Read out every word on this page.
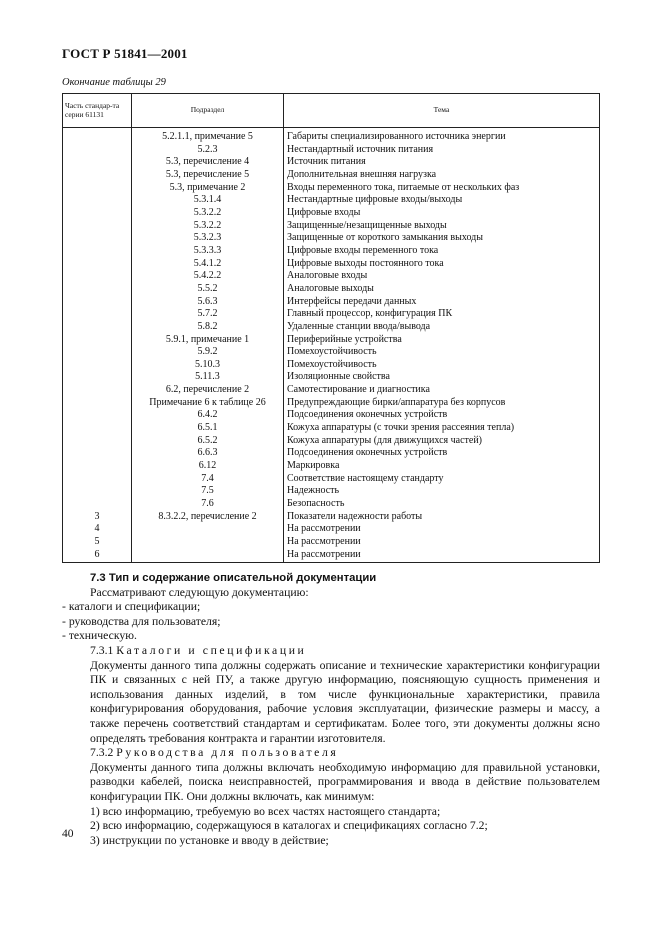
ГОСТ Р 51841—2001
Окончание таблицы 29
Часть стандар-та серии 61131	Подраздел	Тема
	5.2.1.1, примечание 5	Габариты специализированного источника энергии
	5.2.3	Нестандартный источник питания
	5.3, перечисление 4	Источник питания
	5.3, перечисление 5	Дополнительная внешняя нагрузка
	5.3, примечание 2	Входы переменного тока, питаемые от нескольких фаз
	5.3.1.4	Нестандартные цифровые входы/выходы
	5.3.2.2	Цифровые входы
	5.3.2.2	Защищенные/незащищенные выходы
	5.3.2.3	Защищенные от короткого замыкания выходы
	5.3.3.3	Цифровые входы переменного тока
	5.4.1.2	Цифровые выходы постоянного тока
	5.4.2.2	Аналоговые входы
	5.5.2	Аналоговые выходы
	5.6.3	Интерфейсы передачи данных
	5.7.2	Главный процессор, конфигурация ПК
	5.8.2	Удаленные станции ввода/вывода
	5.9.1, примечание 1	Периферийные устройства
	5.9.2	Помехоустойчивость
	5.10.3	Помехоустойчивость
	5.11.3	Изоляционные свойства
	6.2, перечисление 2	Самотестирование и диагностика
	Примечание 6 к таблице 26	Предупреждающие бирки/аппаратура без корпусов
	6.4.2	Подсоединения оконечных устройств
	6.5.1	Кожуха аппаратуры (с точки зрения рассеяния тепла)
	6.5.2	Кожуха аппаратуры (для движущихся частей)
	6.6.3	Подсоединения оконечных устройств
	6.12	Маркировка
	7.4	Соответствие настоящему стандарту
	7.5	Надежность
	7.6	Безопасность
3	8.3.2.2, перечисление 2	Показатели надежности работы
4		На рассмотрении
5		На рассмотрении
6		На рассмотрении

7.3 Тип и содержание описательной документации

Рассматривают следующую документацию:

- каталоги и спецификации;

- руководства для пользователя;

- техническую.

7.3.1 Каталоги и спецификации

Документы данного типа должны содержать описание и технические характеристики конфигурации ПК и связанных с ней ПУ, а также другую информацию, поясняющую сущность применения и использования данных изделий, в том числе функциональные характеристики, правила конфигурирования оборудования, рабочие условия эксплуатации, физические размеры и массу, а также перечень соответствий стандартам и сертификатам. Более того, эти документы должны ясно определять требования контракта и гарантии изготовителя.

7.3.2 Руководства для пользователя

Документы данного типа должны включать необходимую информацию для правильной установки, разводки кабелей, поиска неисправностей, программирования и ввода в действие пользователем конфигурации ПК. Они должны включать, как минимум:

1) всю информацию, требуемую во всех частях настоящего стандарта;

2) всю информацию, содержащуюся в каталогах и спецификациях согласно 7.2;

3) инструкции по установке и вводу в действие;

40
